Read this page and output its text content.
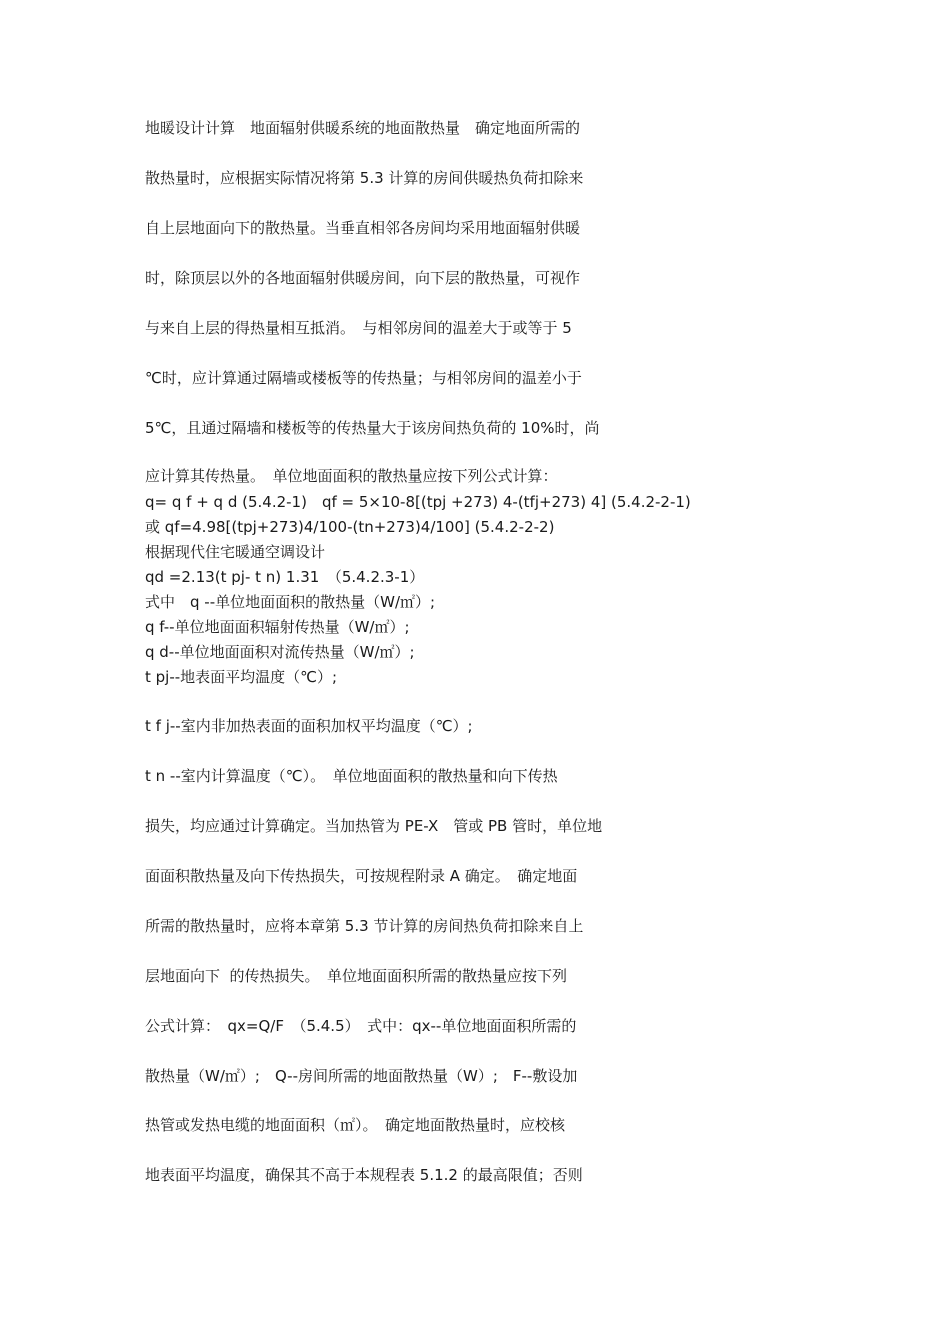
地暖设计计算　地面辐射供暖系统的地面散热量　确定地面所需的
散热量时，应根据实际情况将第 5.3 计算的房间供暖热负荷扣除来
自上层地面向下的散热量。当垂直相邻各房间均采用地面辐射供暖
时，除顶层以外的各地面辐射供暖房间，向下层的散热量，可视作
与来自上层的得热量相互抵消。　与相邻房间的温差大于或等于 5
℃时，应计算通过隔墙或楼板等的传热量；与相邻房间的温差小于
5℃，且通过隔墙和楼板等的传热量大于该房间热负荷的 10%时，尚
应计算其传热量。　单位地面面积的散热量应按下列公式计算：
q= q f + q d (5.4.2-1)　qf = 5×10-8[(tpj +273) 4-(tfj+273) 4] (5.4.2-2-1)
或 qf=4.98[(tpj+273)4/100-(tn+273)4/100] (5.4.2-2-2)
根据现代住宅暖通空调设计
qd =2.13(t pj- t n) 1.31　（5.4.2.3-1）
式中　q --单位地面面积的散热量（W/㎡）;
q f--单位地面面积辐射传热量（W/㎡）;
q d--单位地面面积对流传热量（W/㎡）;
t pj--地表面平均温度（℃）;
t f j--室内非加热表面的面积加权平均温度（℃）;
t n --室内计算温度（℃）。　单位地面面积的散热量和向下传热
损失，均应通过计算确定。当加热管为 PE-X　管或 PB 管时，单位地
面面积散热量及向下传热损失，可按规程附录 A 确定。　确定地面
所需的散热量时，应将本章第 5.3 节计算的房间热负荷扣除来自上
层地面向下  的传热损失。　单位地面面积所需的散热量应按下列
公式计算：　qx=Q/F　（5.4.5）　式中：qx--单位地面面积所需的
散热量（W/㎡）;　Q--房间所需的地面散热量（W）;　F--敷设加
热管或发热电缆的地面面积（㎡）。　确定地面散热量时，应校核
地表面平均温度，确保其不高于本规程表 5.1.2 的最高限值；否则
